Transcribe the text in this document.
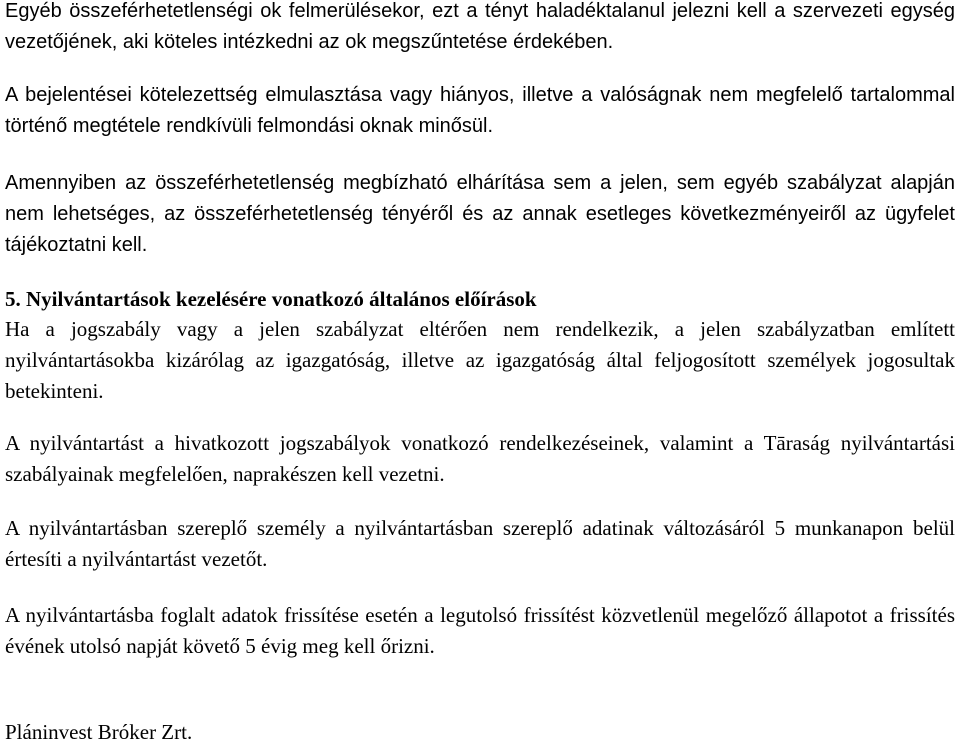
Egyéb összeférhetetlenségi ok felmerülésekor, ezt a tényt haladéktalanul jelezni kell a szervezeti egység vezetőjének, aki köteles intézkedni az ok megszűntetése érdekében.

A bejelentései kötelezettség elmulasztása vagy hiányos, illetve a valóságnak nem megfelelő tartalommal történő megtétele rendkívüli felmondási oknak minősül.

Amennyiben az összeférhetetlenség megbízható elhárítása sem a jelen, sem egyéb szabályzat alapján nem lehetséges, az összeférhetetlenség tényéről és az annak esetleges következményeiről az ügyfelet tájékoztatni kell.

5. Nyilvántartások kezelésére vonatkozó általános előírások

Ha a jogszabály vagy a jelen szabályzat eltérően nem rendelkezik, a jelen szabályzatban említett nyilvántartásokba kizárólag az igazgatóság, illetve az igazgatóság által feljogosított személyek jogosultak betekinteni.

A nyilvántartást a hivatkozott jogszabályok vonatkozó rendelkezéseinek, valamint a Tāraság nyilvántartási szabályainak megfelelően, naprakészen kell vezetni.

A nyilvántartásban szereplő személy a nyilvántartásban szereplő adatinak változásáról 5 munkanapon belül értesíti a nyilvántartást vezetőt.

A nyilvántartásba foglalt adatok frissítése esetén a legutolsó frissítést közvetlenül megelőző állapotot a frissítés évének utolsó napját követő 5 évig meg kell őrizni.

Pláninvest Bróker Zrt.
